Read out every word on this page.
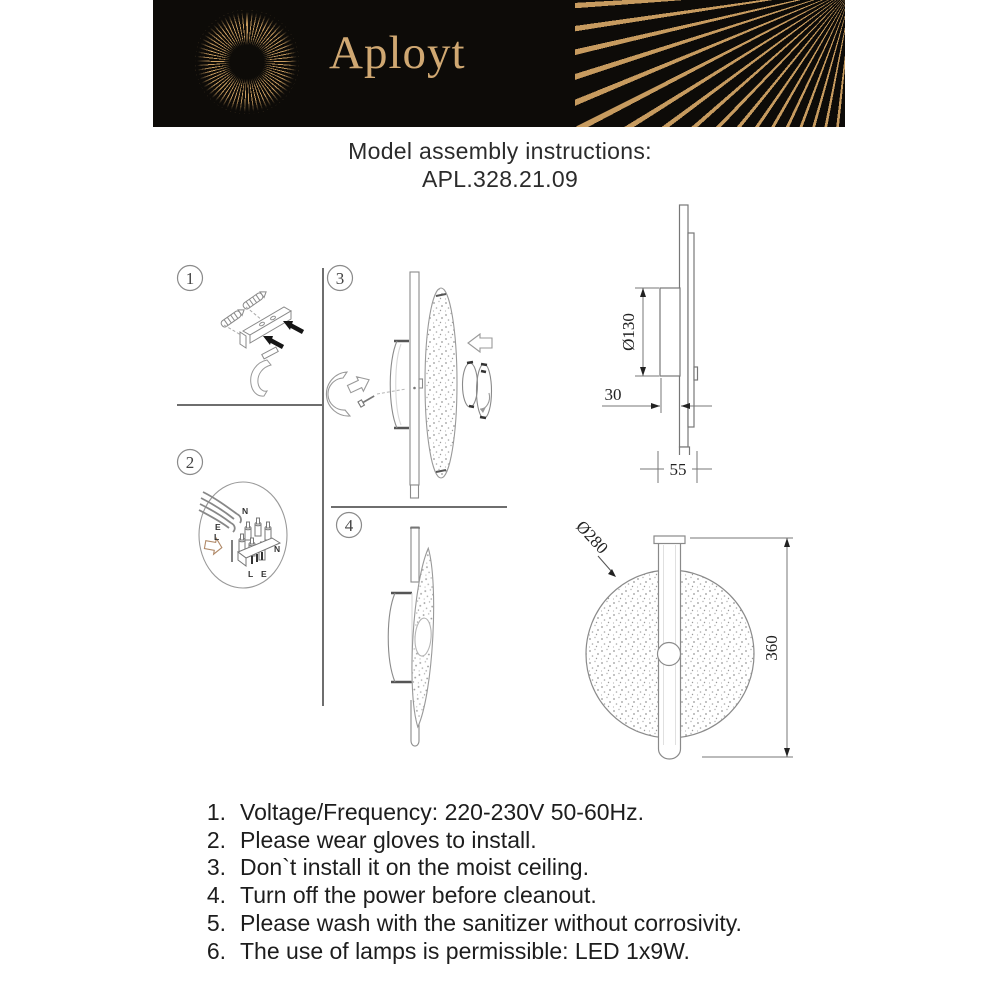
Aployt
Model assembly instructions:
APL.328.21.09
1
2
3
4
N
E
L
N
L E
Ø130
30
55
Ø280
360
1. Voltage/Frequency: 220-230V 50-60Hz.
2. Please wear gloves to install.
3. Don`t install it on the moist ceiling.
4. Turn off the power before cleanout.
5. Please wash with the sanitizer without corrosivity.
6. The use of lamps is permissible: LED 1x9W.
